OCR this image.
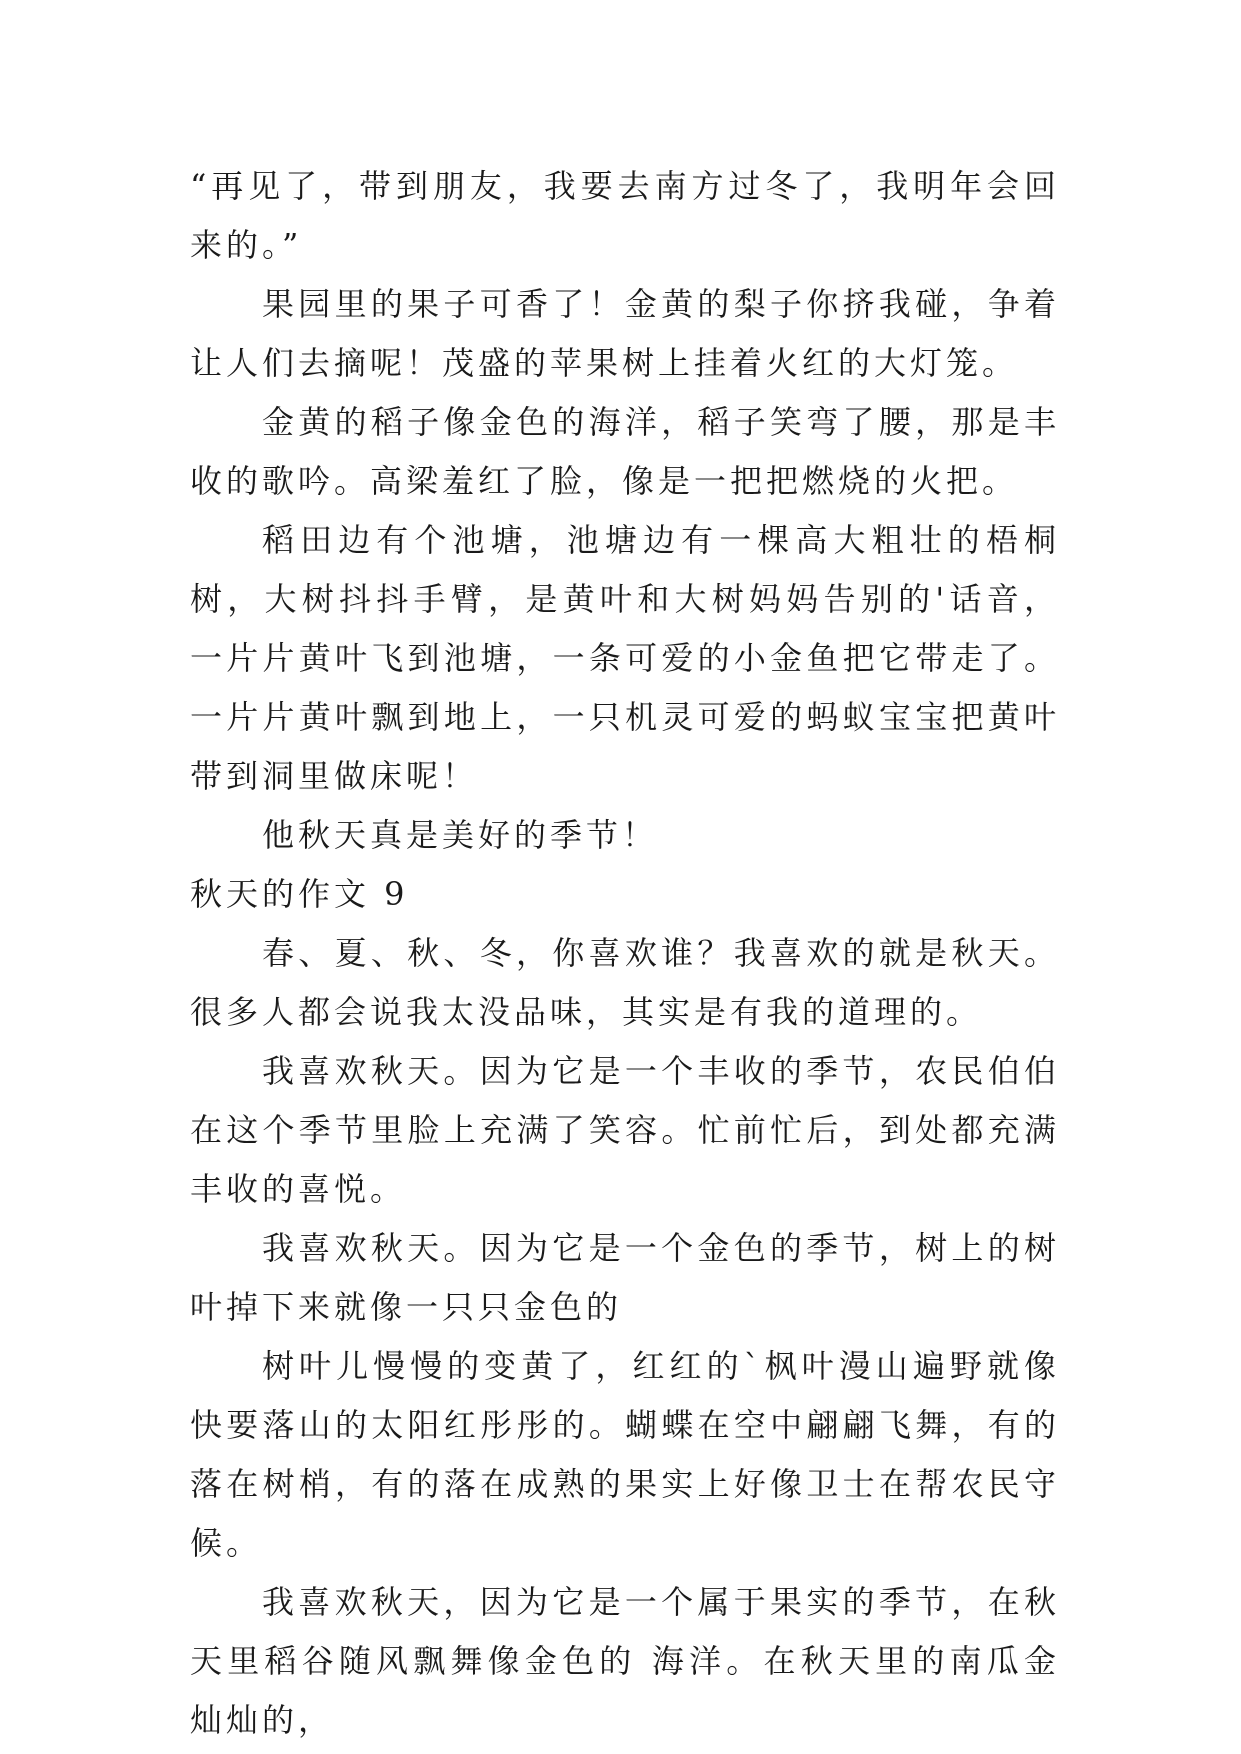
“再见了，带到朋友，我要去南方过冬了，我明年会回来的。”

果园里的果子可香了！金黄的梨子你挤我碰，争着让人们去摘呢！茂盛的苹果树上挂着火红的大灯笼。

金黄的稻子像金色的海洋，稻子笑弯了腰，那是丰收的歌吟。高梁羞红了脸，像是一把把燃烧的火把。

稻田边有个池塘，池塘边有一棵高大粗壮的梧桐树，大树抖抖手臂，是黄叶和大树妈妈告别的'话音，一片片黄叶飞到池塘，一条可爱的小金鱼把它带走了。一片片黄叶飘到地上，一只机灵可爱的蚂蚁宝宝把黄叶带到洞里做床呢！

他秋天真是美好的季节！

秋天的作文 9

春、夏、秋、冬，你喜欢谁？我喜欢的就是秋天。很多人都会说我太没品味，其实是有我的道理的。

我喜欢秋天。因为它是一个丰收的季节，农民伯伯在这个季节里脸上充满了笑容。忙前忙后，到处都充满丰收的喜悦。

我喜欢秋天。因为它是一个金色的季节，树上的树叶掉下来就像一只只金色的

树叶儿慢慢的变黄了，红红的`枫叶漫山遍野就像快要落山的太阳红彤彤的。蝴蝶在空中翩翩飞舞，有的落在树梢，有的落在成熟的果实上好像卫士在帮农民守候。

我喜欢秋天，因为它是一个属于果实的季节，在秋天里稻谷随风飘舞像金色的 海洋。在秋天里的南瓜金灿灿的，
